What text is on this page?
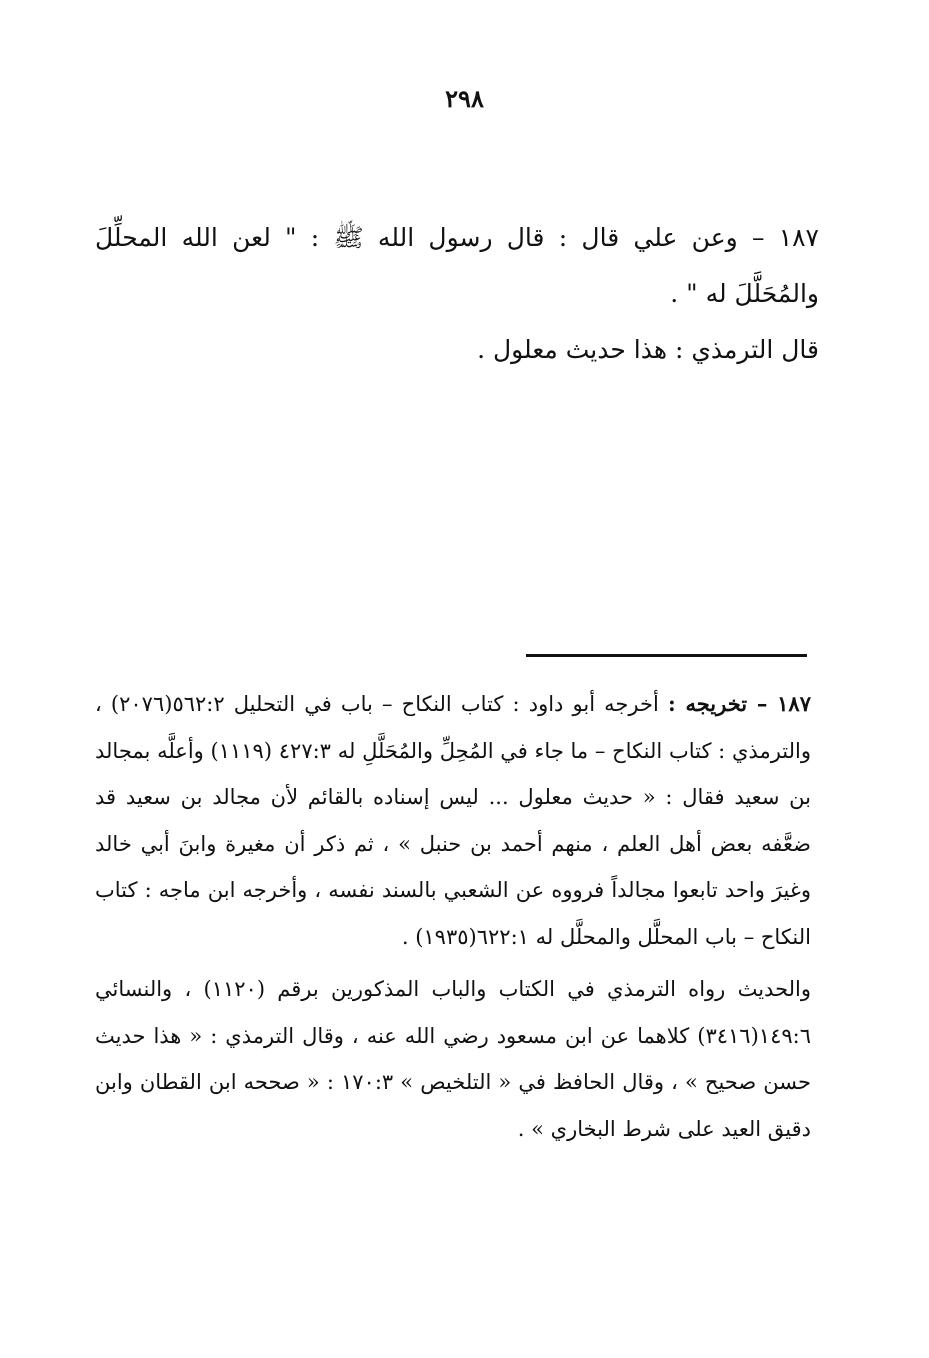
٢٩٨

١٨٧ – وعن علي قال : قال رسول الله ﷺ : " لعن الله المحلِّلَ والمُحَلَّلَ له " .

قال الترمذي : هذا حديث معلول .

١٨٧ – تخريجه : أخرجه أبو داود : كتاب النكاح – باب في التحليل ٥٦٢:٢(٢٠٧٦) ، والترمذي : كتاب النكاح – ما جاء في المُحِلِّ والمُحَلَّلِ له ٤٢٧:٣ (١١١٩) وأعلَّه بمجالد بن سعيد فقال : « حديث معلول ... ليس إسناده بالقائم لأن مجالد بن سعيد قد ضعَّفه بعض أهل العلم ، منهم أحمد بن حنبل » ، ثم ذكر أن مغيرة وابنَ أبي خالد وغيرَ واحد تابعوا مجالداً فرووه عن الشعبي بالسند نفسه ، وأخرجه ابن ماجه : كتاب النكاح – باب المحلَّل والمحلَّل له ٦٢٢:١(١٩٣٥) .

والحديث رواه الترمذي في الكتاب والباب المذكورين برقم (١١٢٠) ، والنسائي ١٤٩:٦(٣٤١٦) كلاهما عن ابن مسعود رضي الله عنه ، وقال الترمذي : « هذا حديث حسن صحيح » ، وقال الحافظ في « التلخيص » ١٧٠:٣ : « صححه ابن القطان وابن دقيق العيد على شرط البخاري » .
